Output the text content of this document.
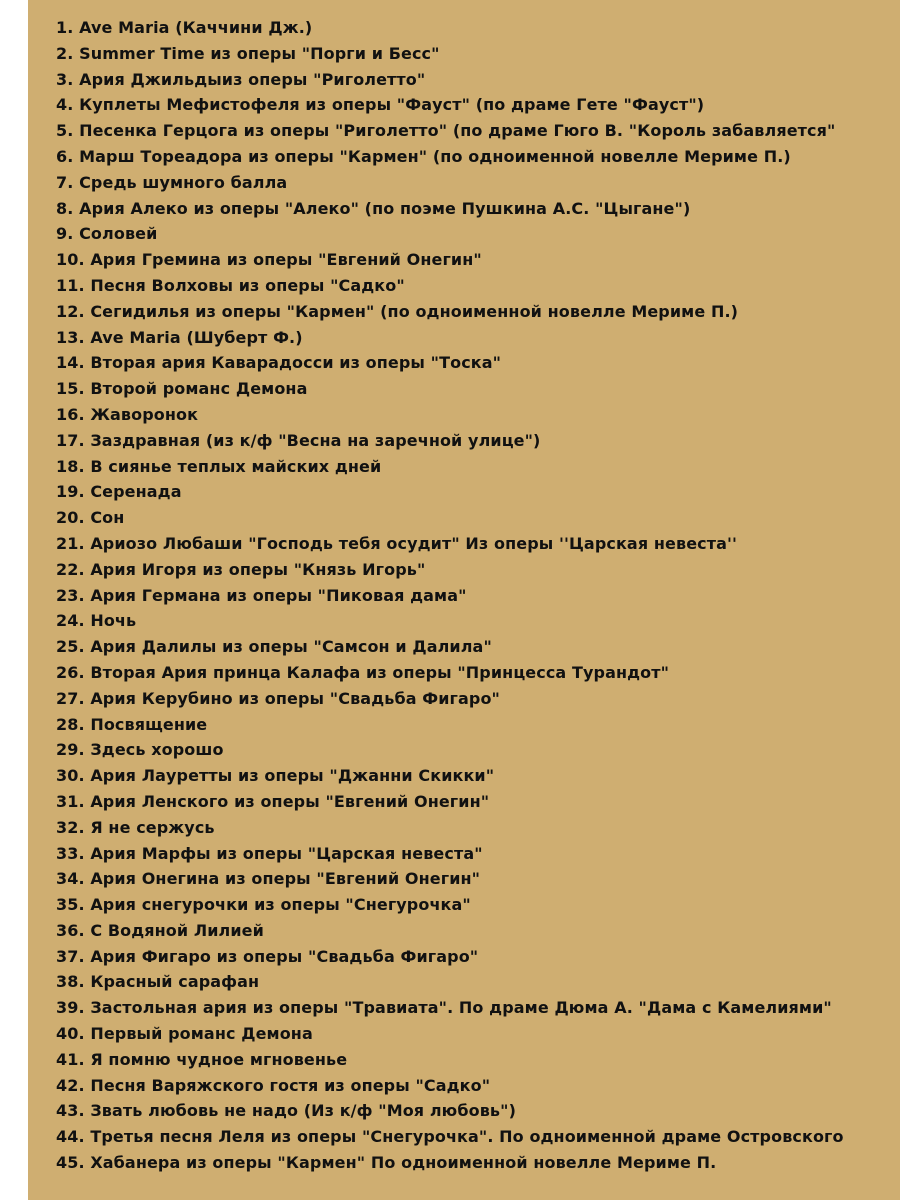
1. Ave Maria (Каччини Дж.)
2. Summer Time из оперы "Порги и Бесс"
3. Ария Джильдыиз оперы "Риголетто"
4. Куплеты Мефистофеля из оперы "Фауст" (по драме Гете "Фауст")
5. Песенка Герцога из оперы "Риголетто" (по драме Гюго В. "Король забавляется"
6. Марш Тореадора из оперы "Кармен" (по одноименной новелле Мериме П.)
7. Средь шумного балла
8. Ария Алеко из оперы "Алеко" (по поэме Пушкина А.С. "Цыгане")
9. Соловей
10. Ария Гремина из оперы "Евгений Онегин"
11. Песня Волховы из оперы "Садко"
12. Сегидилья из оперы "Кармен" (по одноименной новелле Мериме П.)
13. Ave Maria (Шуберт Ф.)
14. Вторая ария Каварадосси из оперы "Тоска"
15. Второй романс Демона
16. Жаворонок
17. Заздравная (из к/ф "Весна на заречной улице")
18. В сиянье теплых майских дней
19. Серенада
20. Сон
21. Ариозо Любаши "Господь тебя осудит" Из оперы ''Царская невеста''
22. Ария Игоря из оперы "Князь Игорь"
23. Ария Германа из оперы "Пиковая дама"
24. Ночь
25. Ария Далилы из оперы "Самсон и Далила"
26. Вторая Ария принца Калафа из оперы "Принцесса Турандот"
27. Ария Керубино из оперы "Свадьба Фигаро"
28. Посвящение
29. Здесь хорошо
30. Ария Лауретты из оперы "Джанни Скикки"
31. Ария Ленского из оперы "Евгений Онегин"
32. Я не сержусь
33. Ария Марфы из оперы "Царская невеста"
34. Ария Онегина из оперы "Евгений Онегин"
35. Ария снегурочки из оперы "Снегурочка"
36. С Водяной Лилией
37. Ария Фигаро из оперы "Свадьба Фигаро"
38. Красный сарафан
39. Застольная ария из оперы "Травиата". По драме Дюма А. "Дама с Камелиями"
40. Первый романс Демона
41. Я помню чудное мгновенье
42. Песня Варяжского гостя из оперы "Садко"
43. Звать любовь не надо (Из к/ф "Моя любовь")
44. Третья песня Леля из оперы "Снегурочка". По одноименной драме Островского
45. Хабанера из оперы "Кармен" По одноименной новелле Мериме П.
